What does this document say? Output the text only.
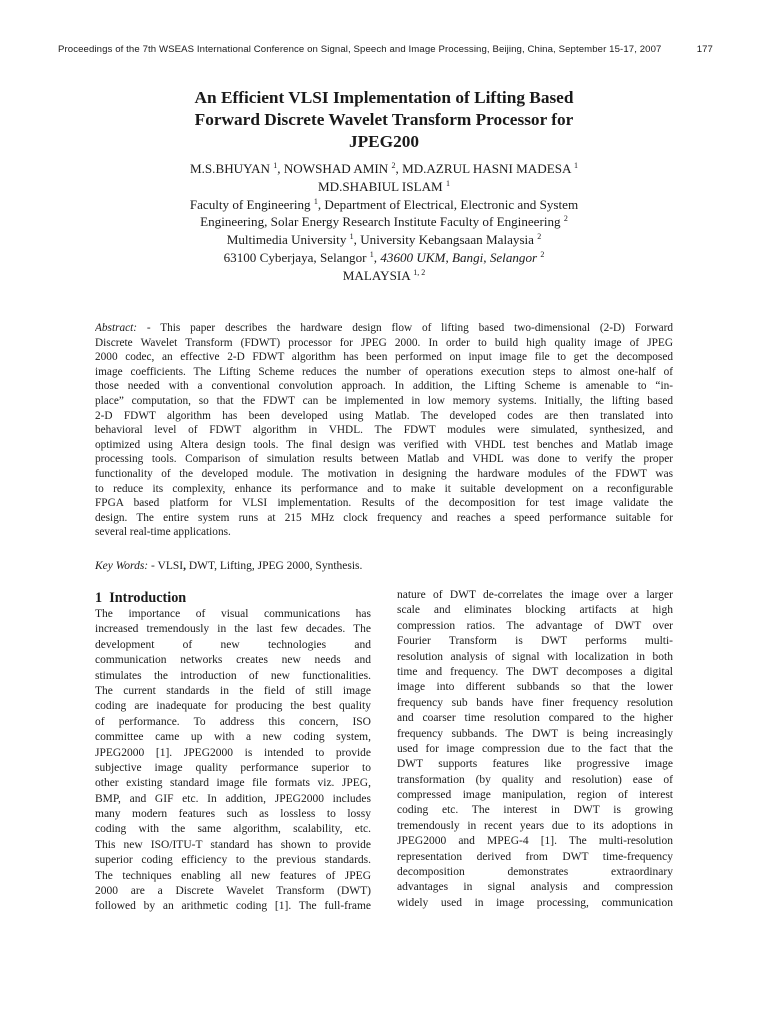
Proceedings of the 7th WSEAS International Conference on Signal, Speech and Image Processing, Beijing, China, September 15-17, 2007	177
An Efficient VLSI Implementation of Lifting Based
Forward Discrete Wavelet Transform Processor for
JPEG200
M.S.BHUYAN $^1$, NOWSHAD AMIN $^2$, MD.AZRUL HASNI MADESA $^1$
MD.SHABIUL ISLAM $^1$
Faculty of Engineering $^1$, Department of Electrical, Electronic and System
Engineering, Solar Energy Research Institute Faculty of Engineering $^2$
Multimedia University $^1$, University Kebangsaan Malaysia $^2$
63100 Cyberjaya, Selangor $^1$, 43600 UKM, Bangi, Selangor $^2$
MALAYSIA $^{1, 2}$
Abstract: - This paper describes the hardware design flow of lifting based two-dimensional (2-D) Forward
Discrete Wavelet Transform (FDWT) processor for JPEG 2000. In order to build high quality image of JPEG
2000 codec, an effective 2-D FDWT algorithm has been performed on input image file to get the decomposed
image coefficients. The Lifting Scheme reduces the number of operations execution steps to almost one-half of
those needed with a conventional convolution approach. In addition, the Lifting Scheme is amenable to “in-
place” computation, so that the FDWT can be implemented in low memory systems. Initially, the lifting based
2-D FDWT algorithm has been developed using Matlab. The developed codes are then translated into
behavioral level of FDWT algorithm in VHDL. The FDWT modules were simulated, synthesized, and
optimized using Altera design tools. The final design was verified with VHDL test benches and Matlab image
processing tools. Comparison of simulation results between Matlab and VHDL was done to verify the proper
functionality of the developed module. The motivation in designing the hardware modules of the FDWT was
to reduce its complexity, enhance its performance and to make it suitable development on a reconfigurable
FPGA based platform for VLSI implementation. Results of the decomposition for test image validate the
design. The entire system runs at 215 MHz clock frequency and reaches a speed performance suitable for
several real-time applications.
Key Words: - VLSI, DWT, Lifting, JPEG 2000, Synthesis.
1 Introduction
The importance of visual communications has
increased tremendously in the last few decades. The
development of new technologies and
communication networks creates new needs and
stimulates the introduction of new functionalities.
The current standards in the field of still image
coding are inadequate for producing the best quality
of performance. To address this concern, ISO
committee came up with a new coding system,
JPEG2000 [1]. JPEG2000 is intended to provide
subjective image quality performance superior to
other existing standard image file formats viz. JPEG,
BMP, and GIF etc. In addition, JPEG2000 includes
many modern features such as lossless to lossy
coding with the same algorithm, scalability, etc.
This new ISO/ITU-T standard has shown to provide
superior coding efficiency to the previous standards.
The techniques enabling all new features of JPEG
2000 are a Discrete Wavelet Transform (DWT)
followed by an arithmetic coding [1]. The full-frame
nature of DWT de-correlates the image over a larger
scale and eliminates blocking artifacts at high
compression ratios. The advantage of DWT over
Fourier Transform is DWT performs multi-
resolution analysis of signal with localization in both
time and frequency. The DWT decomposes a digital
image into different subbands so that the lower
frequency sub bands have finer frequency resolution
and coarser time resolution compared to the higher
frequency subbands. The DWT is being increasingly
used for image compression due to the fact that the
DWT supports features like progressive image
transformation (by quality and resolution) ease of
compressed image manipulation, region of interest
coding etc. The interest in DWT is growing
tremendously in recent years due to its adoptions in
JPEG2000 and MPEG-4 [1]. The multi-resolution
representation derived from DWT time-frequency
decomposition demonstrates extraordinary
advantages in signal analysis and compression
widely used in image processing, communication
